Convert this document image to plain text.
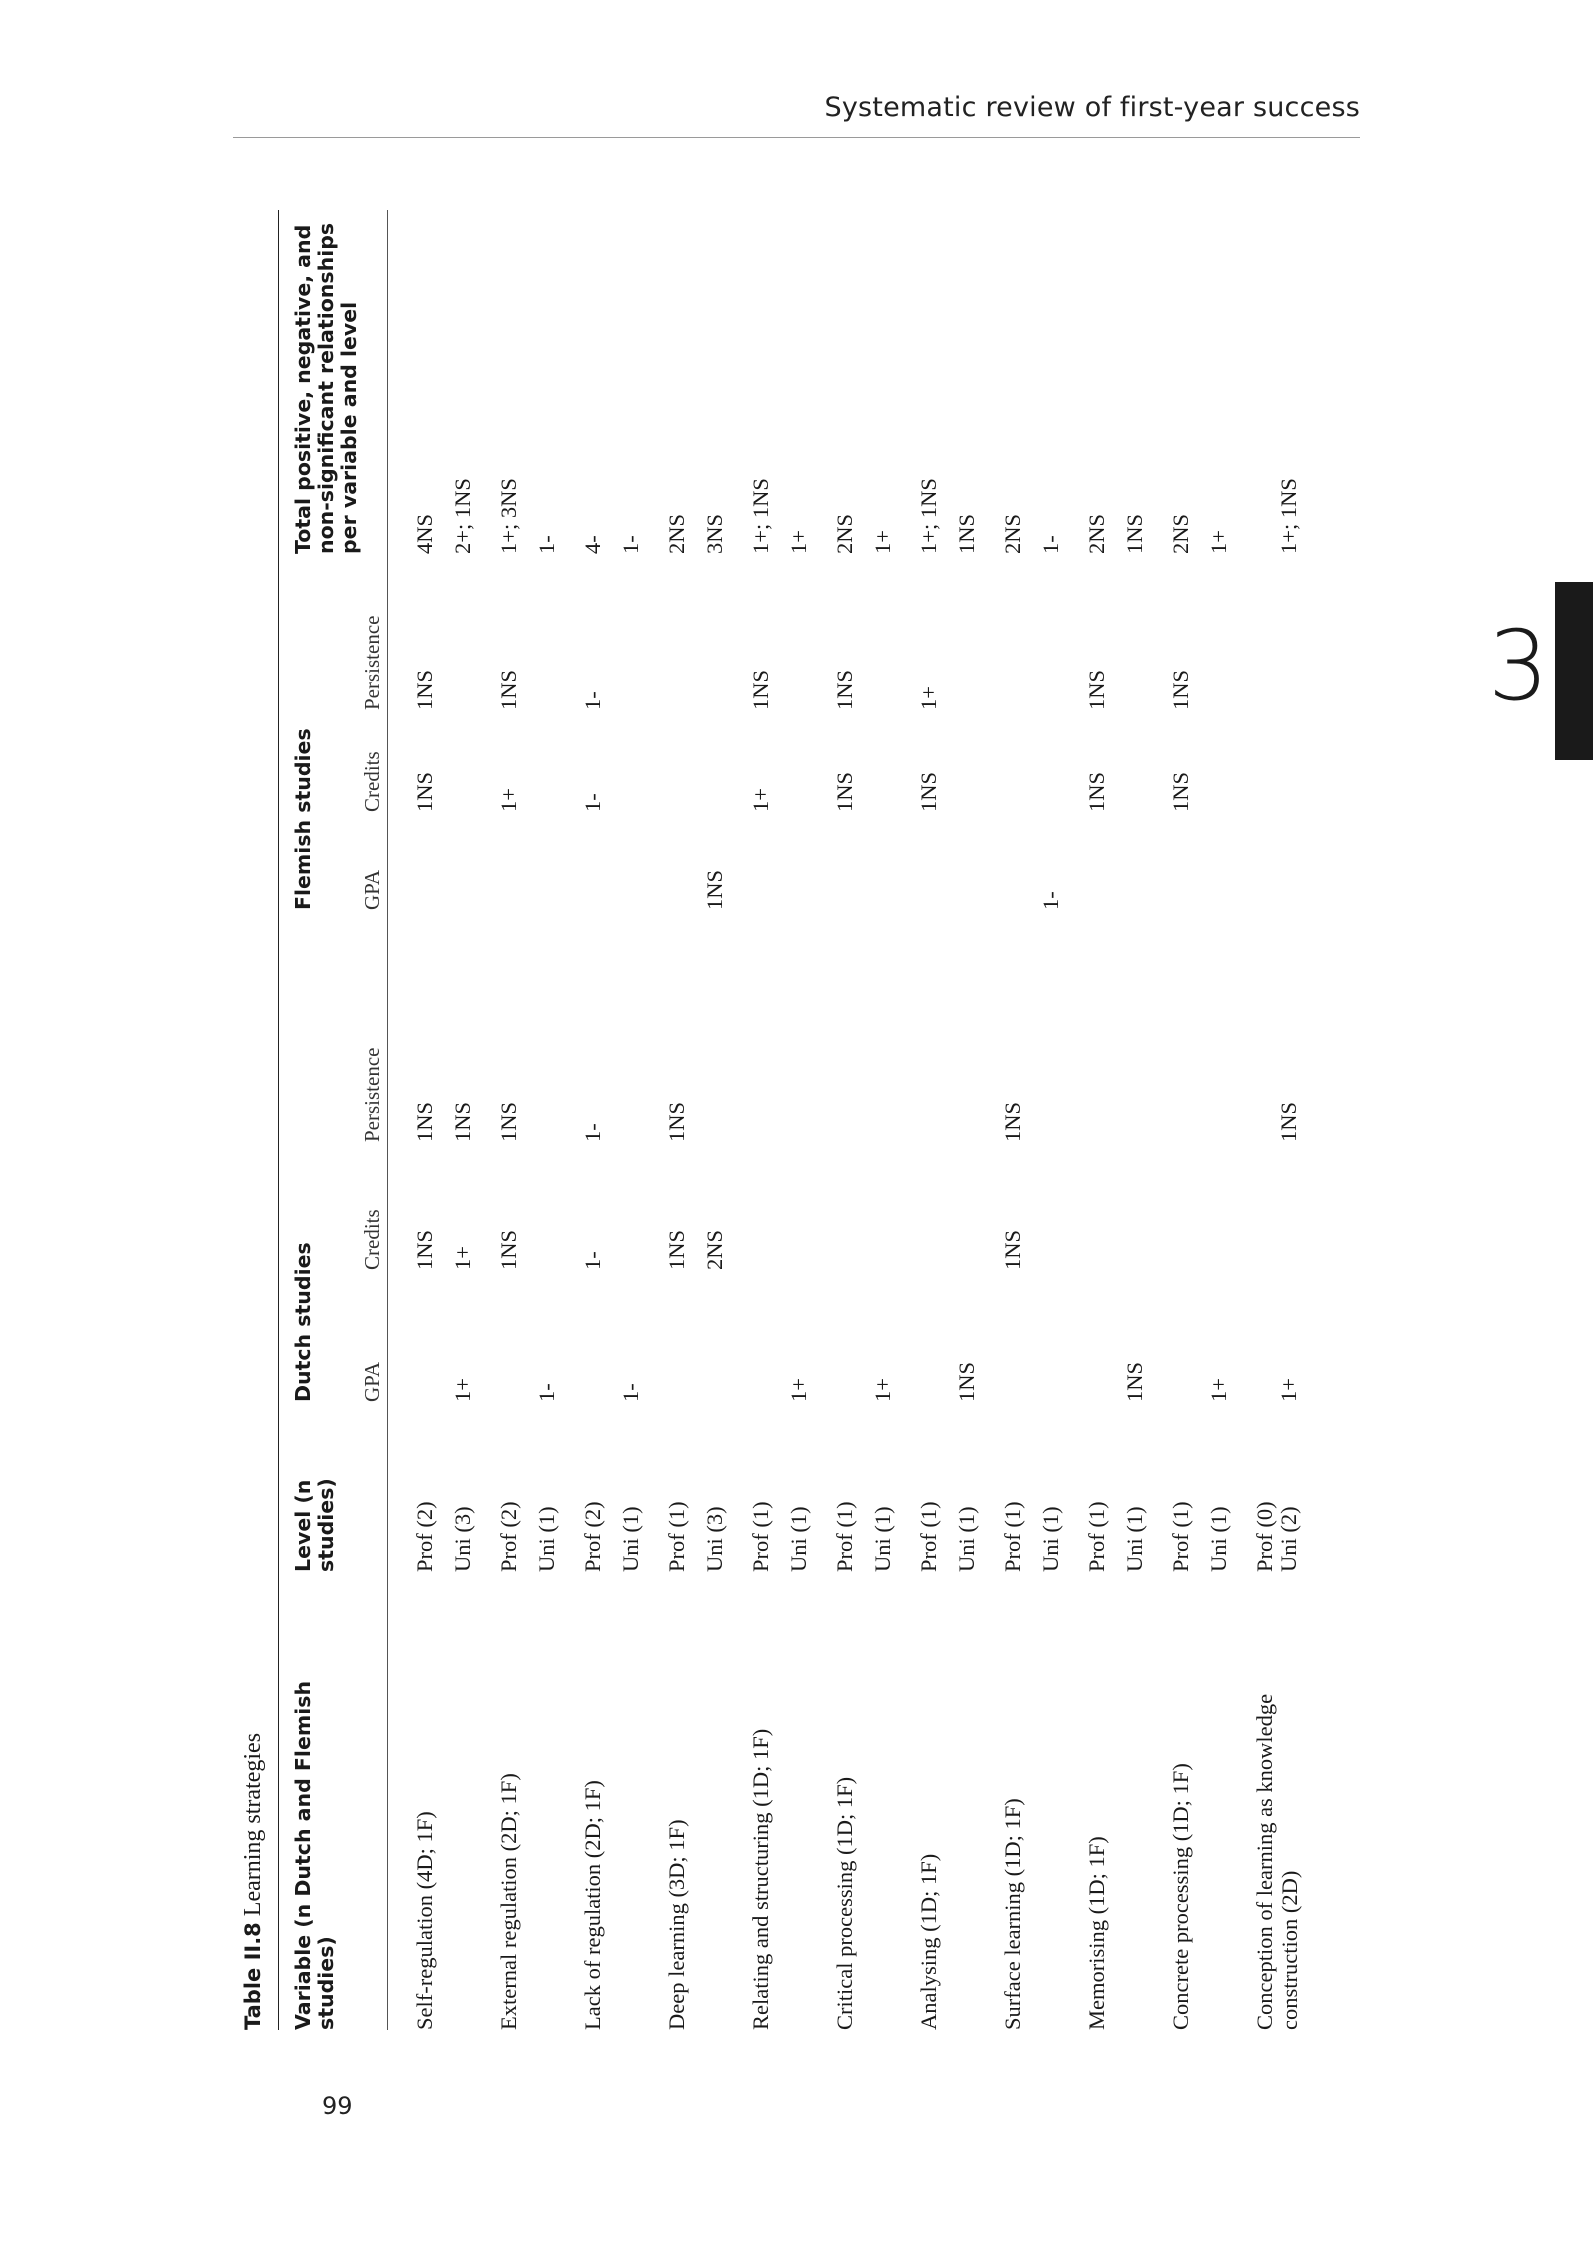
Systematic review of first-year success
3
99
Table II.8 Learning strategies Variable (n Dutch and Flemish studies)
Level (n studies)
Dutch studies
Flemish studies
Total positive, negative, and non-significant relationships per variable and level
GPA
Credits
Persistence
GPA
Credits
Persistence
Self-regulation (4D; 1F)
Prof (2)
1NS
1NS
1NS
1NS
4NS
Uni (3)
1+
1+
1NS
2+; 1NS
External regulation (2D; 1F)
Prof (2)
1NS
1NS
1+
1NS
1+; 3NS
Uni (1)
1-
1-
Lack of regulation (2D; 1F)
Prof (2)
1-
1-
1-
1-
4-
Uni (1)
1-
1-
Deep learning (3D; 1F)
Prof (1)
1NS
1NS
2NS
Uni (3)
2NS
1NS
3NS
Relating and structuring (1D; 1F)
Prof (1)
1+
1NS
1+; 1NS
Uni (1)
1+
1+
Critical processing (1D; 1F)
Prof (1)
1NS
1NS
2NS
Uni (1)
1+
1+
Analysing (1D; 1F)
Prof (1)
1NS
1+
1+; 1NS
Uni (1)
1NS
1NS
Surface learning (1D; 1F)
Prof (1)
1NS
1NS
2NS
Uni (1)
1-
1-
Memorising (1D; 1F)
Prof (1)
1NS
1NS
2NS
Uni (1)
1NS
1NS
Concrete processing (1D; 1F)
Prof (1)
1NS
1NS
2NS
Uni (1)
1+
1+
Conception of learning as knowledge construction (2D)
Prof (0) Uni (2)
1+
1NS
1+; 1NS
